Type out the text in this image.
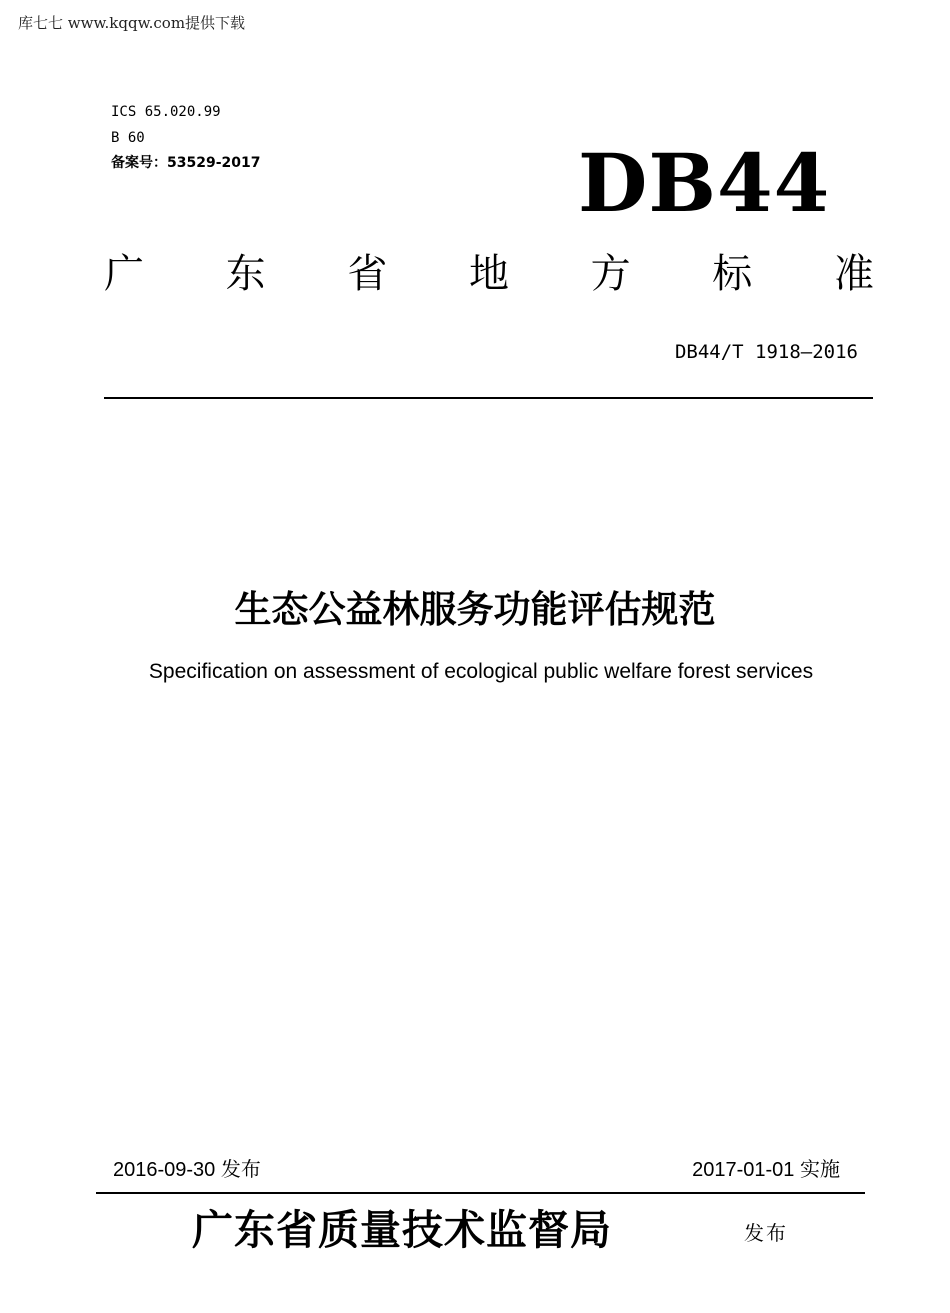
库七七 www.kqqw.com提供下载
ICS 65.020.99
B 60
备案号：53529-2017	DB44
广 东 省 地 方 标 准
DB44/T 1918—2016
生态公益林服务功能评估规范
Specification on assessment of ecological public welfare forest services
2016-09-30 发布	2017-01-01 实施
广东省质量技术监督局	发布
